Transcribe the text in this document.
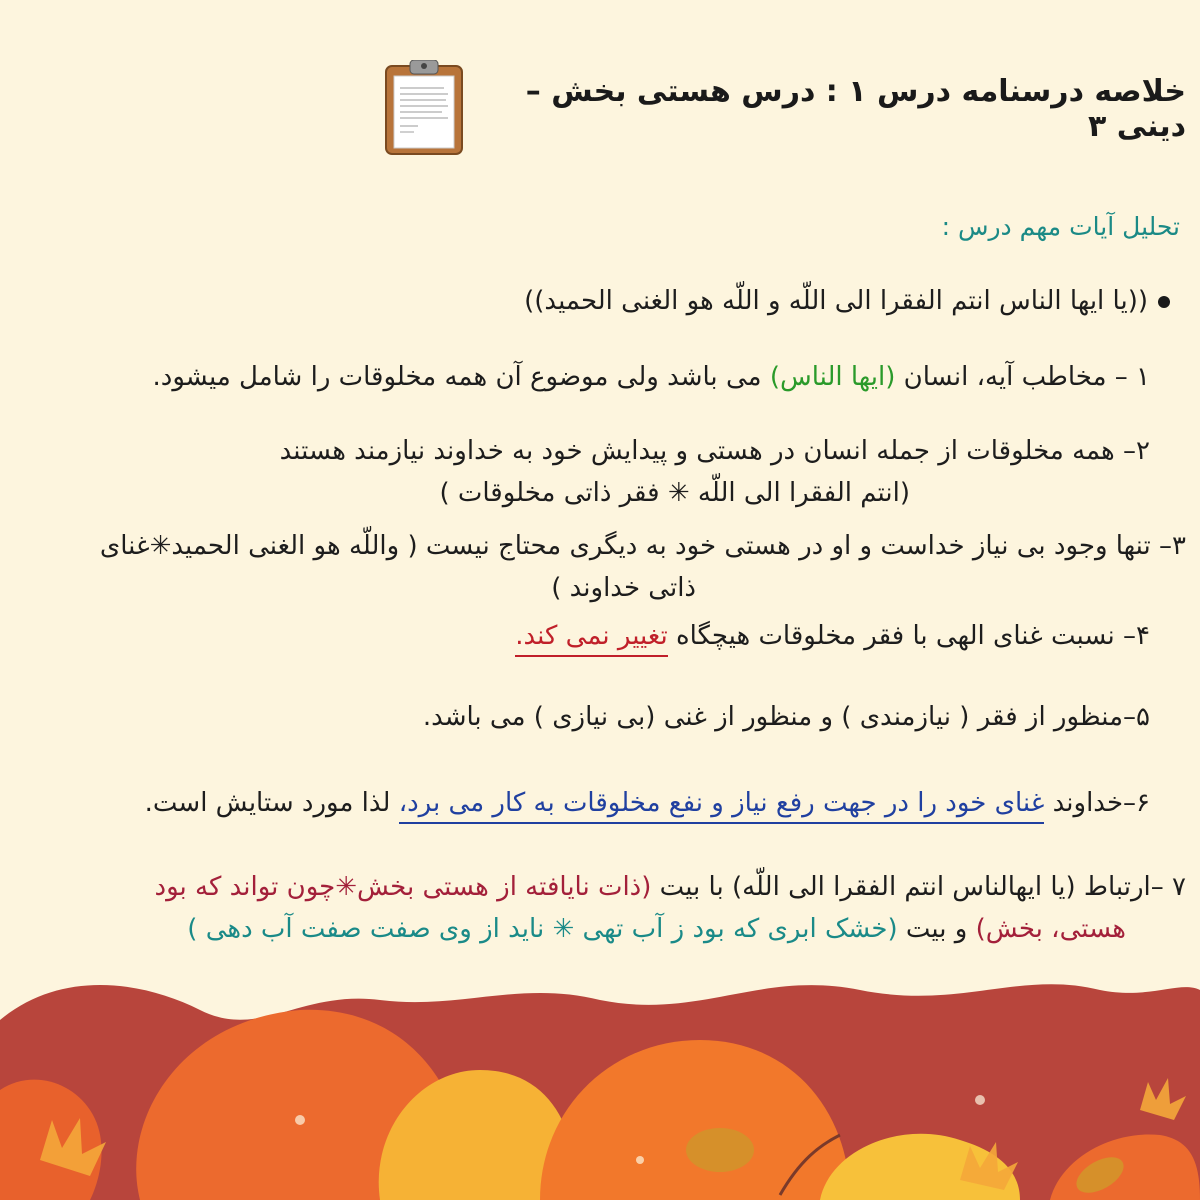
خلاصه درسنامه درس ۱ : درس هستی بخش – دینی ۳
تحلیل آیات مهم درس :
((یا ایها الناس انتم الفقرا الی اللّه و اللّه هو الغنی الحمید))
۱ – مخاطب آیه، انسان (ایها الناس) می باشد ولی موضوع آن همه مخلوقات را شامل میشود.
۲– همه مخلوقات از جمله انسان در هستی و پیدایش خود به خداوند نیازمند هستند
(انتم الفقرا الی اللّه ✳ فقر ذاتی مخلوقات )
۳– تنها وجود بی نیاز خداست و او در هستی خود به دیگری محتاج نیست ( واللّه هو الغنی الحمید✳غنای
ذاتی خداوند )
۴– نسبت غنای الهی با فقر مخلوقات هیچگاه تغییر نمی کند.
۵–منظور از فقر ( نیازمندی ) و منظور از غنی (بی نیازی ) می باشد.
۶–خداوند غنای خود را در جهت رفع نیاز و نفع مخلوقات به کار می برد، لذا مورد ستایش است.
۷ –ارتباط (یا ایهالناس انتم الفقرا الی اللّه) با بیت (ذات نایافته از هستی بخش✳چون تواند که بود
هستی، بخش) و بیت (خشک ابری که بود ز آب تهی ✳ ناید از وی صفت صفت آب دهی )
